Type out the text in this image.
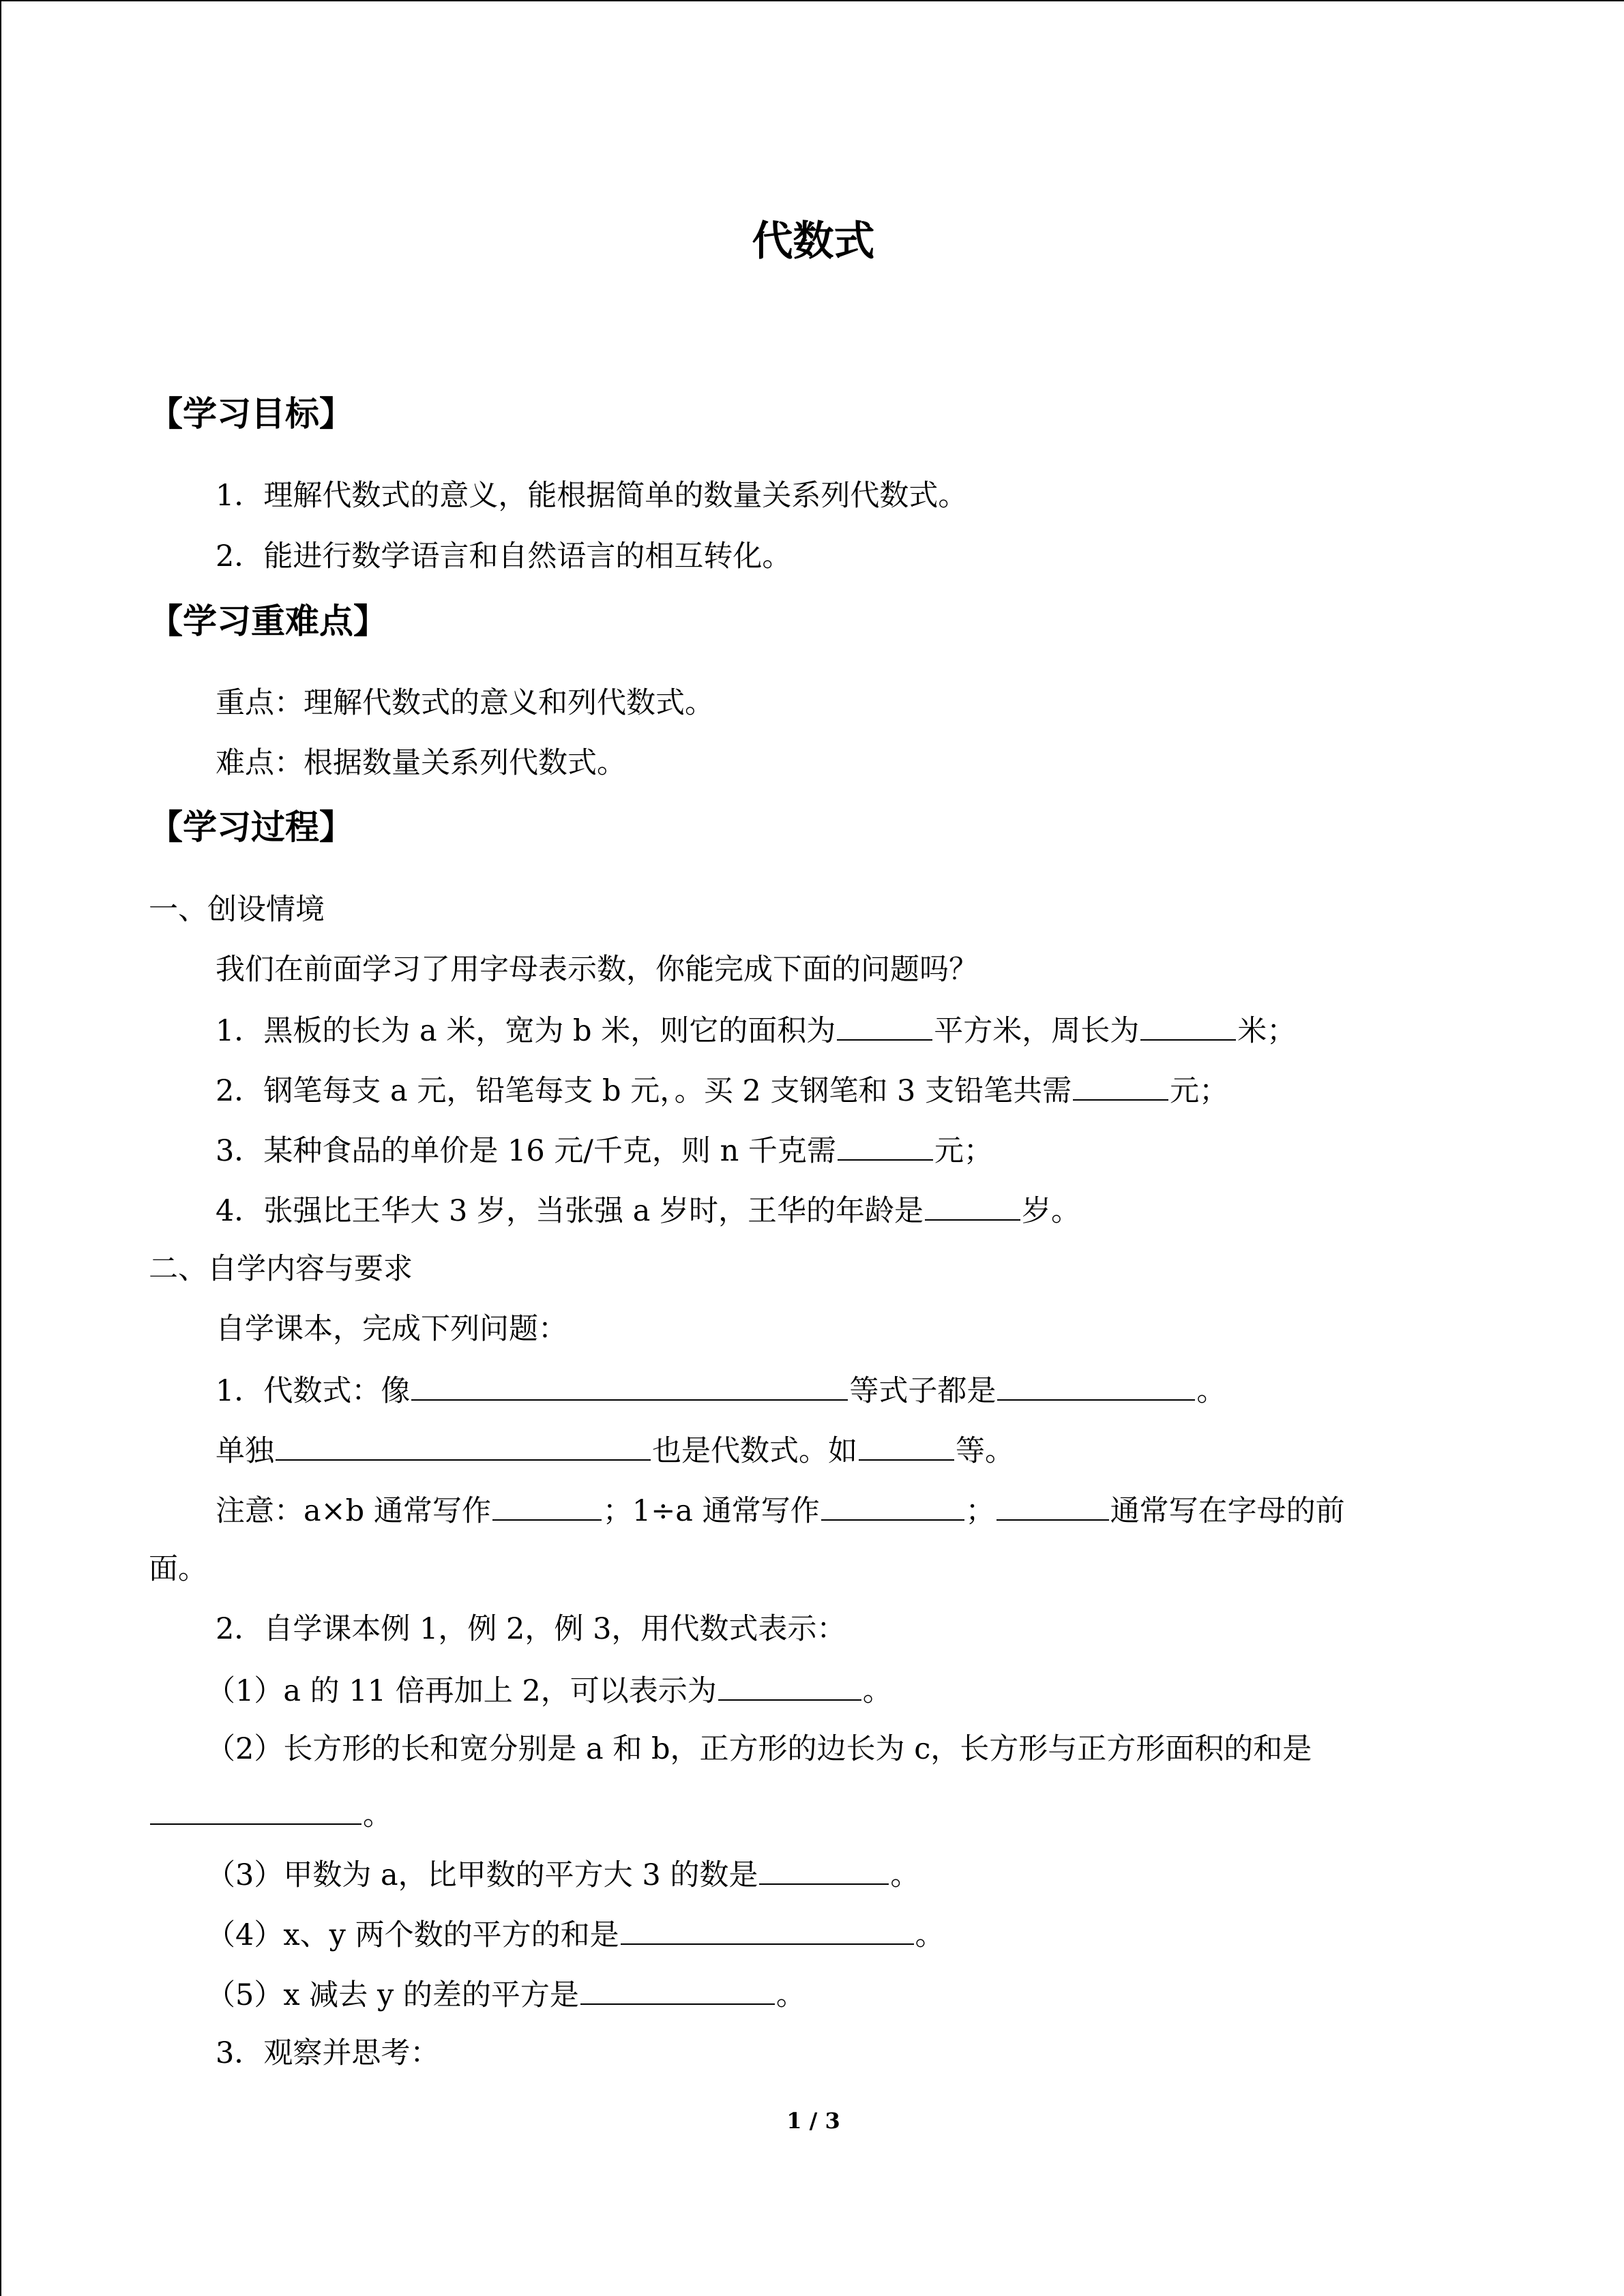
代数式
【学习目标】
1．理解代数式的意义，能根据简单的数量关系列代数式。
2．能进行数学语言和自然语言的相互转化。
【学习重难点】
重点：理解代数式的意义和列代数式。
难点：根据数量关系列代数式。
【学习过程】
一、创设情境
我们在前面学习了用字母表示数，你能完成下面的问题吗？
1．黑板的长为 a 米，宽为 b 米，则它的面积为	平方米，周长为	米；
2．钢笔每支 a 元，铅笔每支 b 元，。买 2 支钢笔和 3 支铅笔共需	元；
3．某种食品的单价是 16 元/千克，则 n 千克需	元；
4．张强比王华大 3 岁，当张强 a 岁时，王华的年龄是	岁。
二、自学内容与要求
自学课本，完成下列问题：
1．代数式：像	等式子都是	。
单独	也是代数式。如	等。
注意：a×b 通常写作	；1÷a 通常写作	；	通常写在字母的前
面。
2．自学课本例 1，例 2，例 3，用代数式表示：
（1）a 的 11 倍再加上 2，可以表示为	。
（2）长方形的长和宽分别是 a 和 b，正方形的边长为 c，长方形与正方形面积的和是
。
（3）甲数为 a，比甲数的平方大 3 的数是	。
（4）x、y 两个数的平方的和是	。
（5）x 减去 y 的差的平方是	。
3．观察并思考：
1 / 3
